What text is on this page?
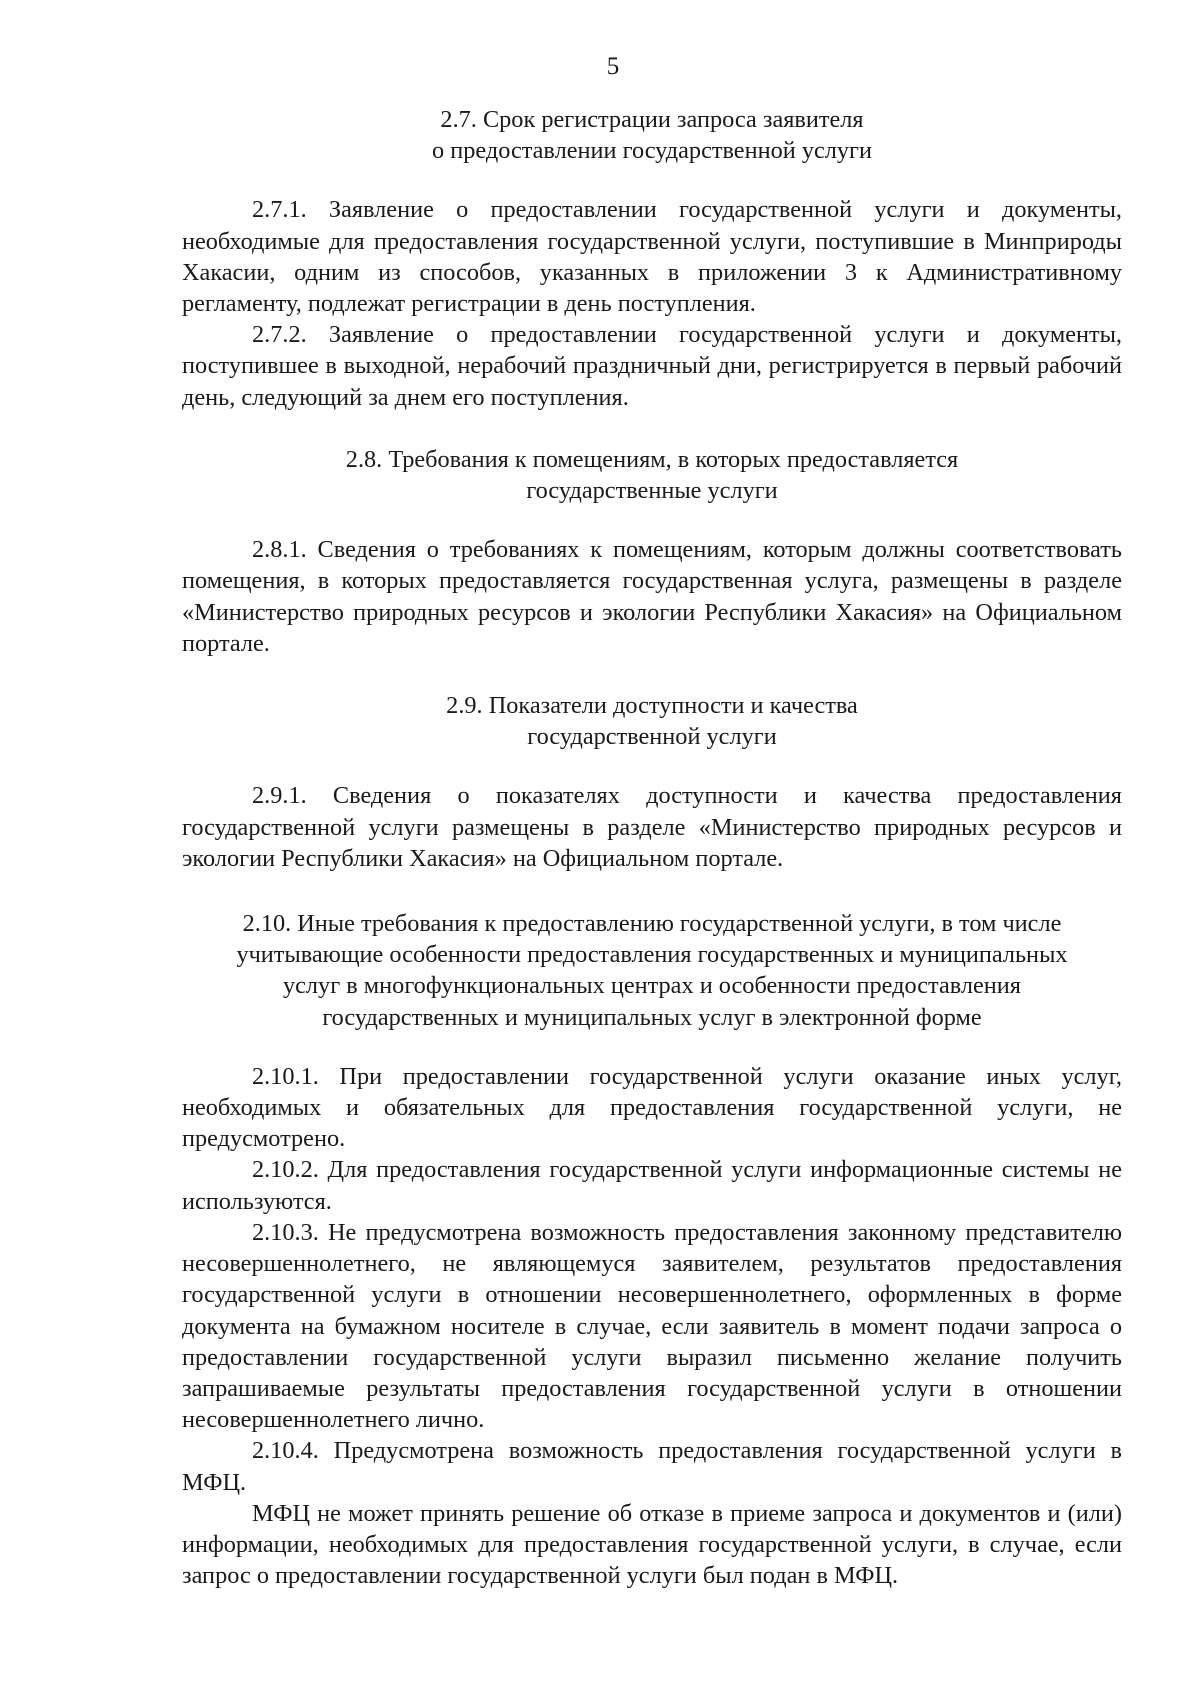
5
2.7. Срок регистрации запроса заявителя
о предоставлении государственной услуги

2.7.1. Заявление о предоставлении государственной услуги и документы, необходимые для предоставления государственной услуги, поступившие в Минприроды Хакасии, одним из способов, указанных в приложении 3 к Административному регламенту, подлежат регистрации в день поступления.

2.7.2. Заявление о предоставлении государственной услуги и документы, поступившее в выходной, нерабочий праздничный дни, регистрируется в первый рабочий день, следующий за днем его поступления.

2.8. Требования к помещениям, в которых предоставляется
государственные услуги

2.8.1. Сведения о требованиях к помещениям, которым должны соответствовать помещения, в которых предоставляется государственная услуга, размещены в разделе «Министерство природных ресурсов и экологии Республики Хакасия» на Официальном портале.

2.9. Показатели доступности и качества
государственной услуги

2.9.1. Сведения о показателях доступности и качества предоставления государственной услуги размещены в разделе «Министерство природных ресурсов и экологии Республики Хакасия» на Официальном портале.

2.10. Иные требования к предоставлению государственной услуги, в том числе
учитывающие особенности предоставления государственных и муниципальных
услуг в многофункциональных центрах и особенности предоставления
государственных и муниципальных услуг в электронной форме

2.10.1. При предоставлении государственной услуги оказание иных услуг, необходимых и обязательных для предоставления государственной услуги, не предусмотрено.

2.10.2. Для предоставления государственной услуги информационные системы не используются.

2.10.3. Не предусмотрена возможность предоставления законному представителю несовершеннолетнего, не являющемуся заявителем, результатов предоставления государственной услуги в отношении несовершеннолетнего, оформленных в форме документа на бумажном носителе в случае, если заявитель в момент подачи запроса о предоставлении государственной услуги выразил письменно желание получить запрашиваемые результаты предоставления государственной услуги в отношении несовершеннолетнего лично.

2.10.4. Предусмотрена возможность предоставления государственной услуги в МФЦ.

МФЦ не может принять решение об отказе в приеме запроса и документов и (или) информации, необходимых для предоставления государственной услуги, в случае, если запрос о предоставлении государственной услуги был подан в МФЦ.
